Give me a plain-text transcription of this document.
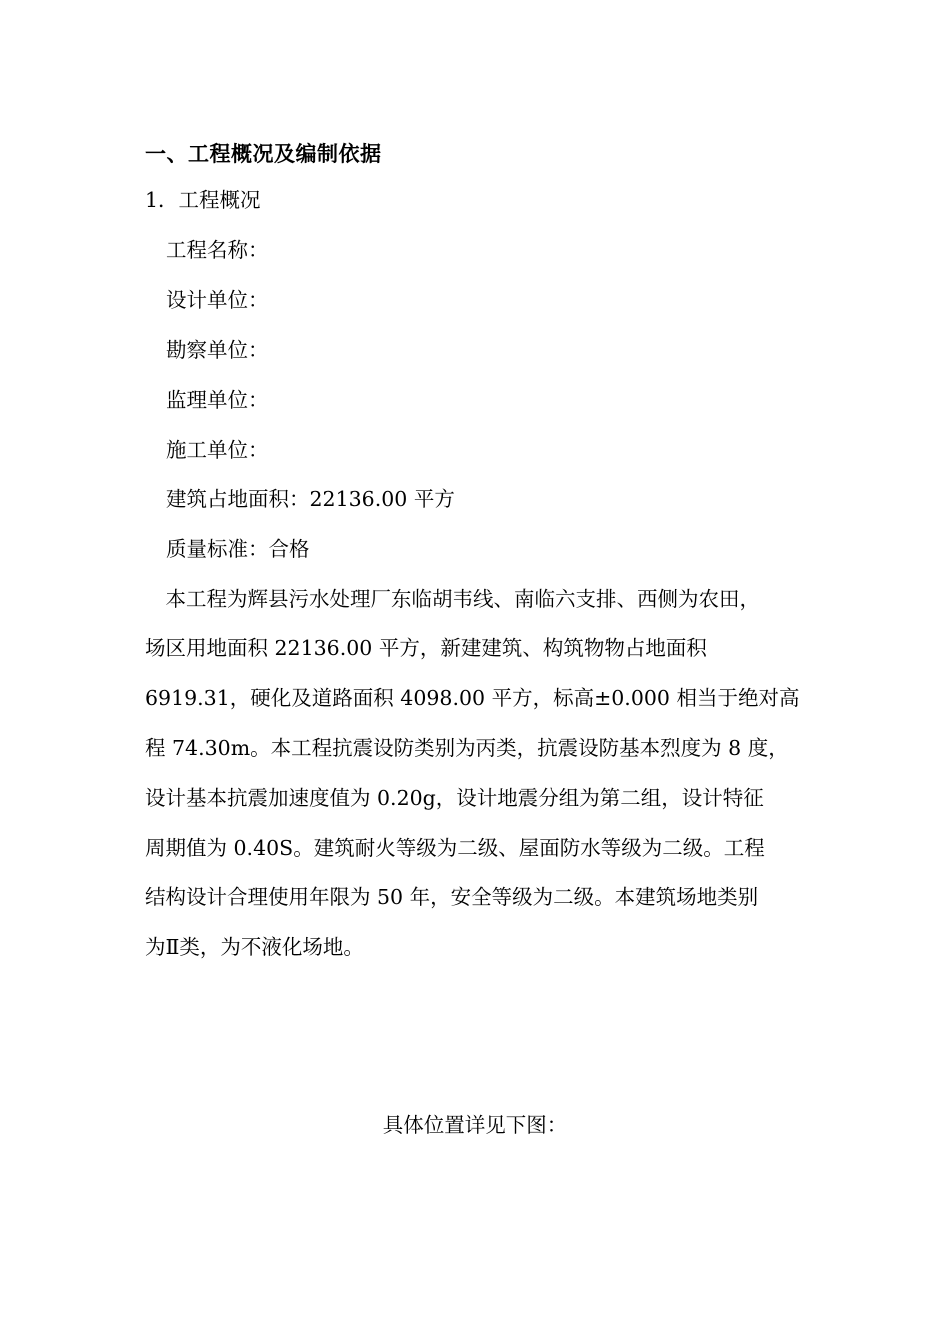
一、工程概况及编制依据
1．工程概况
工程名称：
设计单位：
勘察单位：
监理单位：
施工单位：
建筑占地面积：22136.00 平方
质量标准：合格
　本工程为辉县污水处理厂东临胡韦线、南临六支排、西侧为农田，
场区用地面积 22136.00 平方，新建建筑、构筑物物占地面积
6919.31，硬化及道路面积 4098.00 平方，标高±0.000 相当于绝对高
程 74.30m。本工程抗震设防类别为丙类，抗震设防基本烈度为 8 度，
设计基本抗震加速度值为 0.20g，设计地震分组为第二组，设计特征
周期值为 0.40S。建筑耐火等级为二级、屋面防水等级为二级。工程
结构设计合理使用年限为 50 年，安全等级为二级。本建筑场地类别
为Ⅱ类，为不液化场地。
具体位置详见下图：
